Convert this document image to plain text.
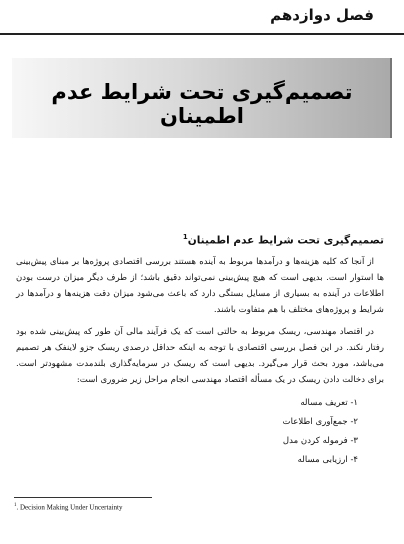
فصل دوازدهم
تصمیم‌گیری تحت شرایط عدم اطمینان
تصمیم‌گیری تحت شرایط عدم اطمینان$^1$

از آنجا که کلیه هزینه‌ها و درآمدها مربوط به آینده هستند بررسی اقتصادی پروژه‌ها بر مبنای پیش‌بینی ها استوار است. بدیهی است که هیچ پیش‌بینی نمی‌تواند دقیق باشد؛ از طرف دیگر میزان درست بودن اطلاعات در آینده به بسیاری از مسایل بستگی دارد که باعث می‌شود میزان دقت هزینه‌ها و درآمدها در شرایط و پروژه‌های مختلف با هم متفاوت باشند.

در اقتصاد مهندسی، ریسک مربوط به حالتی است که یک فرآیند مالی آن طور که پیش‌بینی شده بود رفتار نکند. در این فصل بررسی اقتصادی با توجه به اینکه حداقل درصدی ریسک جزو لاینفک هر تصمیم می‌باشد، مورد بحث قرار می‌گیرد. بدیهی است که ریسک در سرمایه‌گذاری بلندمدت مشهودتر است. برای دخالت دادن ریسک در یک مسأله اقتصاد مهندسی انجام مراحل زیر ضروری است:

۱- تعریف مساله
۲- جمع‌آوری اطلاعات
۳- فرموله کردن مدل
۴- ارزیابی مساله
$^1$. Decision Making Under Uncertainty
